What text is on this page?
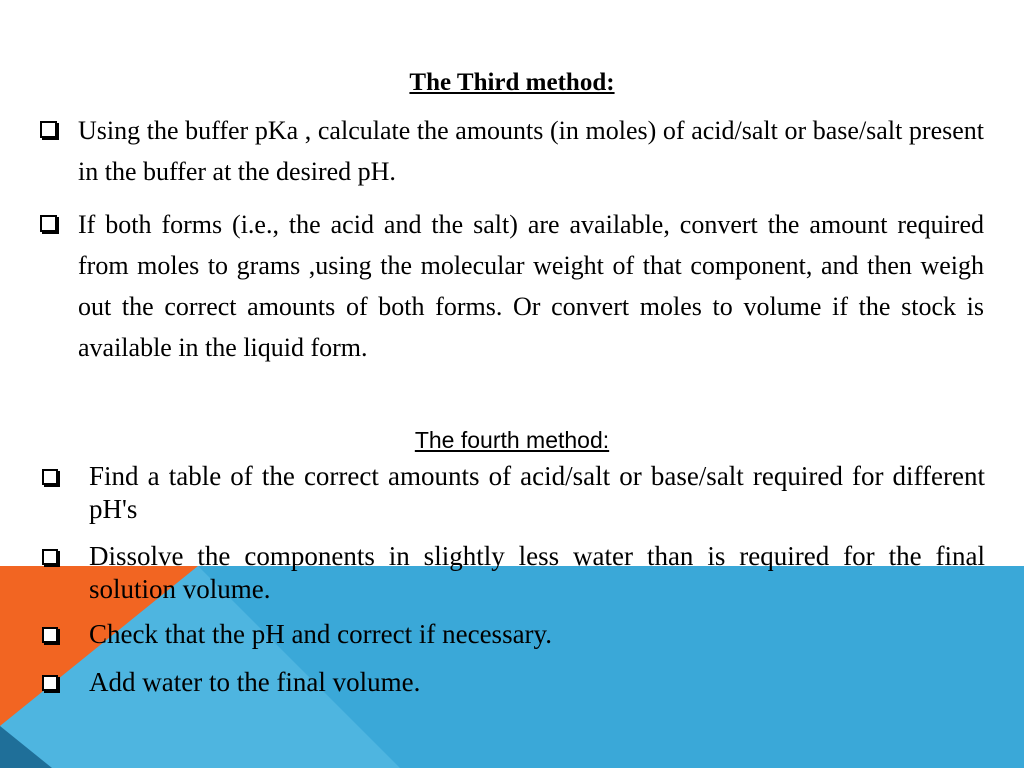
The Third method:
Using the buffer pKa , calculate the amounts (in moles) of acid/salt or base/salt present in the buffer at the desired pH.
If both forms (i.e., the acid and the salt) are available, convert the amount required from moles to grams ,using the molecular weight of that component, and then weigh out the correct amounts of both forms. Or convert moles to volume if the stock is available in the liquid form.
The fourth method:
Find a table of the correct amounts of acid/salt or base/salt required for different pH's
Dissolve the components in slightly less water than is required for the final solution volume.
Check that the pH and correct if necessary.
Add water to the final volume.
